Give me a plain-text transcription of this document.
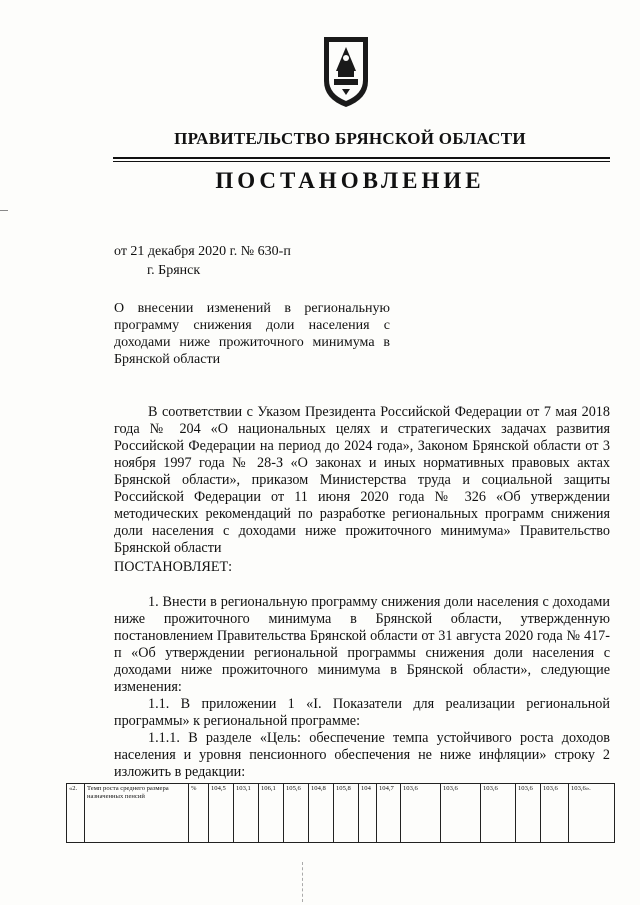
ПРАВИТЕЛЬСТВО БРЯНСКОЙ ОБЛАСТИ
ПОСТАНОВЛЕНИЕ
от 21 декабря 2020 г. № 630-п
г. Брянск
О внесении изменений в региональную программу снижения доли населения с доходами ниже прожиточного минимума в Брянской области
В соответствии с Указом Президента Российской Федерации от 7 мая 2018 года № 204 «О национальных целях и стратегических задачах развития Российской Федерации на период до 2024 года», Законом Брянской области от 3 ноября 1997 года № 28-З «О законах и иных нормативных правовых актах Брянской области», приказом Министерства труда и социальной защиты Российской Федерации от 11 июня 2020 года № 326 «Об утверждении методических рекомендаций по разработке региональных программ снижения доли населения с доходами ниже прожиточного минимума» Правительство Брянской области
ПОСТАНОВЛЯЕТ:
1. Внести в региональную программу снижения доли населения с доходами ниже прожиточного минимума в Брянской области, утвержденную постановлением Правительства Брянской области от 31 августа 2020 года № 417-п «Об утверждении региональной программы снижения доли населения с доходами ниже прожиточного минимума в Брянской области», следующие изменения:
1.1. В приложении 1 «I. Показатели для реализации региональной программы» к региональной программе:
1.1.1. В разделе «Цель: обеспечение темпа устойчивого роста доходов населения и уровня пенсионного обеспечения не ниже инфляции» строку 2 изложить в редакции:
«2.	Темп роста среднего размера назначенных пенсий	%	104,5	103,1	106,1	105,6	104,8	105,8	104	104,7	103,6	103,6	103,6	103,6	103,6	103,6».
